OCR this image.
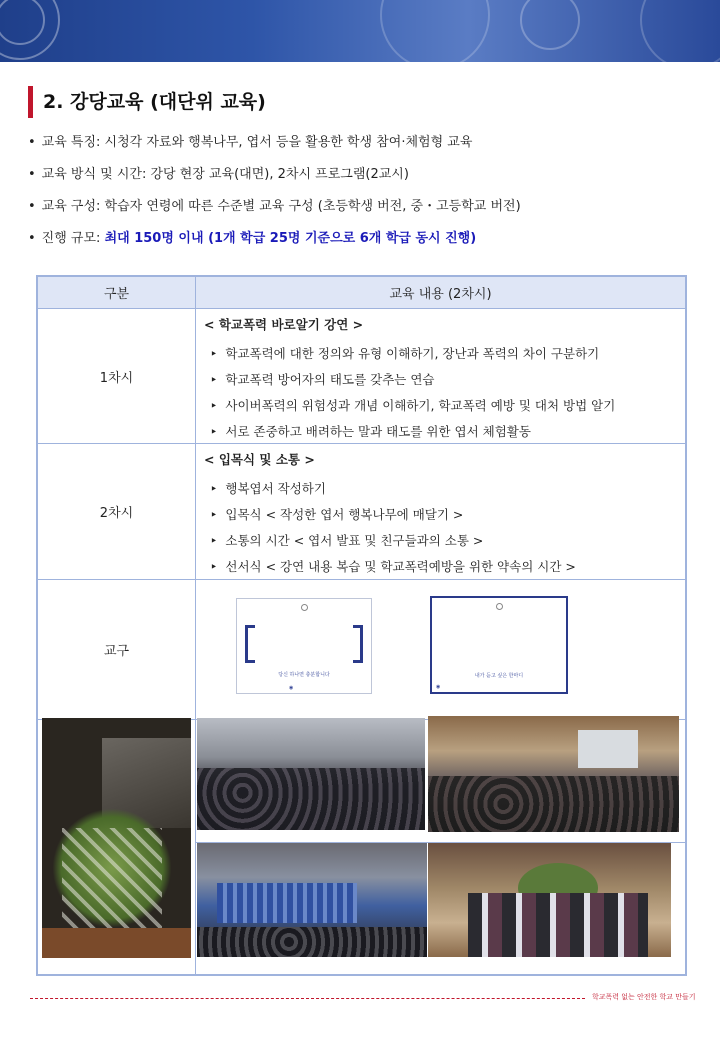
2. 강당교육 (대단위 교육)
• 교육 특징: 시청각 자료와 행복나무, 엽서 등을 활용한 학생 참여·체험형 교육
• 교육 방식 및 시간: 강당 현장 교육(대면), 2차시 프로그램(2교시)
• 교육 구성: 학습자 연령에 따른 수준별 교육 구성 (초등학생 버전, 중・고등학교 버전)
• 진행 규모: 최대 150명 이내 (1개 학급 25명 기준으로 6개 학급 동시 진행)
구분	교육 내용 (2차시)
1차시
< 학교폭력 바로알기 강연 >
‣ 학교폭력에 대한 정의와 유형 이해하기, 장난과 폭력의 차이 구분하기
‣ 학교폭력 방어자의 태도를 갖추는 연습
‣ 사이버폭력의 위험성과 개념 이해하기, 학교폭력 예방 및 대처 방법 알기
‣ 서로 존중하고 배려하는 말과 태도를 위한 엽서 체험활동
2차시
< 입목식 및 소통 >
‣ 행복엽서 작성하기
‣ 입목식 < 작성한 엽서 행복나무에 매달기 >
‣ 소통의 시간 < 엽서 발표 및 친구들과의 소통 >
‣ 선서식 < 강연 내용 복습 및 학교폭력예방을 위한 약속의 시간 >
교구
당신 하나면 충분합니다
◉
내가 듣고 싶은 한마디
◉
학교폭력 없는 안전한 학교 만들기
